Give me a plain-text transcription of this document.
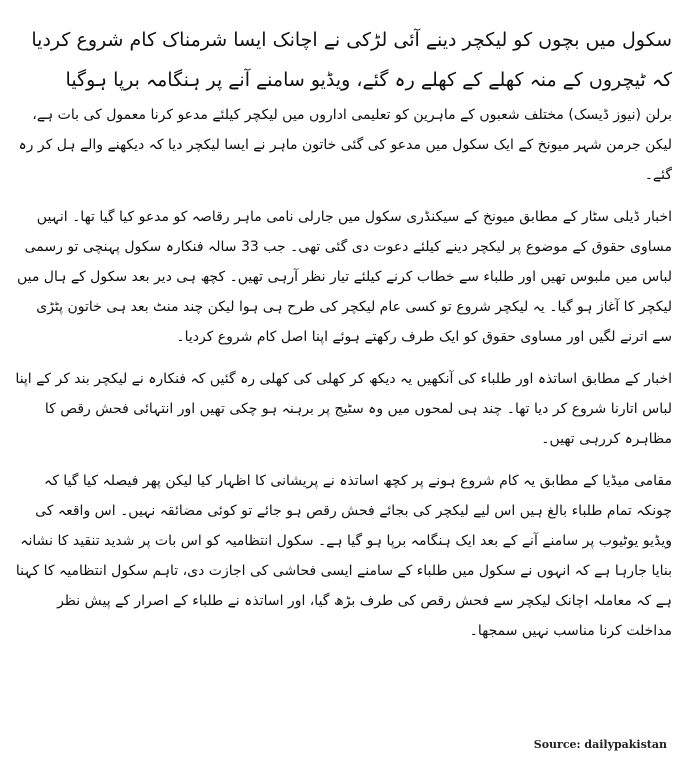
سکول میں بچوں کو لیکچر دینے آئی لڑکی نے اچانک ایسا شرمناک کام شروع کردیا کہ ٹیچروں کے منہ کھلے کے کھلے رہ گئے، ویڈیو سامنے آنے پر ہنگامہ برپا ہوگیا

برلن (نیوز ڈیسک) مختلف شعبوں کے ماہرین کو تعلیمی اداروں میں لیکچر کیلئے مدعو کرنا معمول کی بات ہے، لیکن جرمن شہر میونخ کے ایک سکول میں مدعو کی گئی خاتون ماہر نے ایسا لیکچر دیا کہ دیکھنے والے ہل کر رہ گئے۔

اخبار ڈیلی سٹار کے مطابق میونخ کے سیکنڈری سکول میں جارلی نامی ماہر رقاصہ کو مدعو کیا گیا تھا۔ انہیں مساوی حقوق کے موضوع پر لیکچر دینے کیلئے دعوت دی گئی تھی۔ جب 33 سالہ فنکارہ سکول پہنچی تو رسمی لباس میں ملبوس تھیں اور طلباء سے خطاب کرنے کیلئے تیار نظر آرہی تھیں۔ کچھ ہی دیر بعد سکول کے ہال میں لیکچر کا آغاز ہو گیا۔ یہ لیکچر شروع تو کسی عام لیکچر کی طرح ہی ہوا لیکن چند منٹ بعد ہی خاتون پٹڑی سے اترنے لگیں اور مساوی حقوق کو ایک طرف رکھتے ہوئے اپنا اصل کام شروع کردیا۔

اخبار کے مطابق اساتذہ اور طلباء کی آنکھیں یہ دیکھ کر کھلی کی کھلی رہ گئیں کہ فنکارہ نے لیکچر بند کر کے اپنا لباس اتارنا شروع کر دیا تھا۔ چند ہی لمحوں میں وہ سٹیج پر برہنہ ہو چکی تھیں اور انتہائی فحش رقص کا مظاہرہ کررہی تھیں۔

مقامی میڈیا کے مطابق یہ کام شروع ہونے پر کچھ اساتذہ نے پریشانی کا اظہار کیا لیکن پھر فیصلہ کیا گیا کہ چونکہ تمام طلباء بالغ ہیں اس لیے لیکچر کی بجائے فحش رقص ہو جائے تو کوئی مضائقہ نہیں۔ اس واقعہ کی ویڈیو یوٹیوب پر سامنے آنے کے بعد ایک ہنگامہ برپا ہو گیا ہے۔ سکول انتظامیہ کو اس بات پر شدید تنقید کا نشانہ بنایا جارہا ہے کہ انہوں نے سکول میں طلباء کے سامنے ایسی فحاشی کی اجازت دی، تاہم سکول انتظامیہ کا کہنا ہے کہ معاملہ اچانک لیکچر سے فحش رقص کی طرف بڑھ گیا، اور اساتذہ نے طلباء کے اصرار کے پیش نظر مداخلت کرنا مناسب نہیں سمجھا۔

Source: dailypakistan
